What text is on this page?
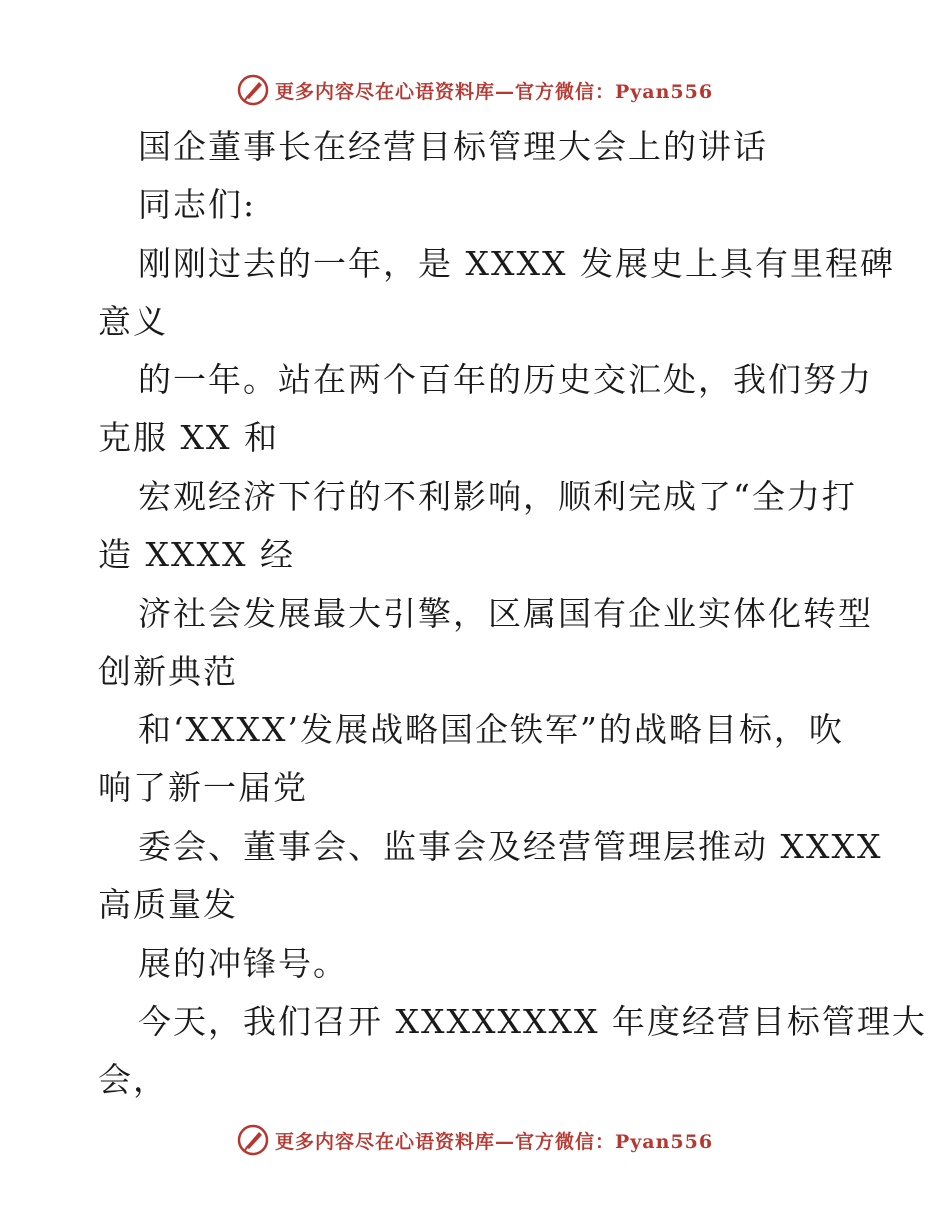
更多内容尽在心语资料库—官方微信：Pyan556
国企董事长在经营目标管理大会上的讲话
同志们:
刚刚过去的一年，是 XXXX 发展史上具有里程碑
意义
的一年。站在两个百年的历史交汇处，我们努力
克服 XX 和
宏观经济下行的不利影响，顺利完成了“全力打
造 XXXX 经
济社会发展最大引擎，区属国有企业实体化转型
创新典范
和‘XXXX’发展战略国企铁军”的战略目标，吹
响了新一届党
委会、董事会、监事会及经营管理层推动 XXXX
高质量发
展的冲锋号。
今天，我们召开 XXXXXXXX 年度经营目标管理大
会，
更多内容尽在心语资料库—官方微信：Pyan556
